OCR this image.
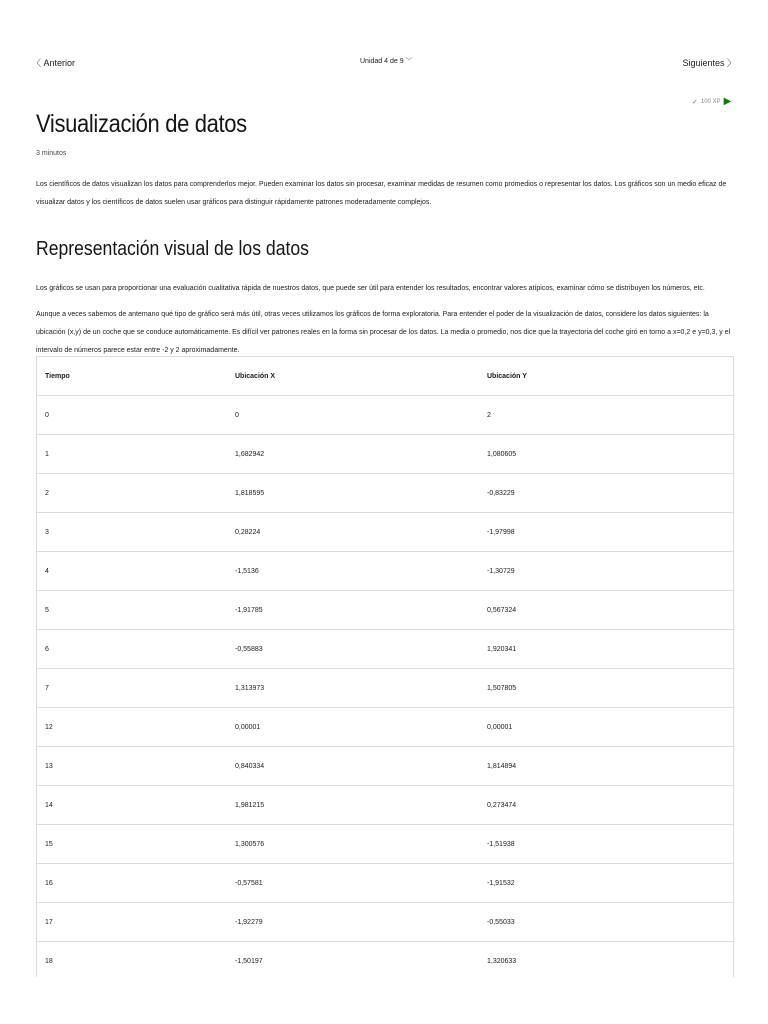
〈 Anterior	Unidad 4 de 9 ﹀	Siguientes 〉
✓ 100 XP ▶
Visualización de datos
3 minutos

Los científicos de datos visualizan los datos para comprenderlos mejor. Pueden examinar los datos sin procesar, examinar medidas de resumen como promedios o representar los datos. Los gráficos son un medio eficaz de visualizar datos y los científicos de datos suelen usar gráficos para distinguir rápidamente patrones moderadamente complejos.

Representación visual de los datos

Los gráficos se usan para proporcionar una evaluación cualitativa rápida de nuestros datos, que puede ser útil para entender los resultados, encontrar valores atípicos, examinar cómo se distribuyen los números, etc.

Aunque a veces sabemos de antemano qué tipo de gráfico será más útil, otras veces utilizamos los gráficos de forma exploratoria. Para entender el poder de la visualización de datos, considere los datos siguientes: la ubicación (x,y) de un coche que se conduce automáticamente. Es difícil ver patrones reales en la forma sin procesar de los datos. La media o promedio, nos dice que la trayectoria del coche giró en torno a x=0,2 e y=0,3, y el intervalo de números parece estar entre -2 y 2 aproximadamente.

Tiempo	Ubicación X	Ubicación Y
0	0	2
1	1,682942	1,080605
2	1,818595	-0,83229
3	0,28224	-1,97998
4	-1,5136	-1,30729
5	-1,91785	0,567324
6	-0,55883	1,920341
7	1,313973	1,507805
12	0,00001	0,00001
13	0,840334	1,814894
14	1,981215	0,273474
15	1,300576	-1,51938
16	-0,57581	-1,91532
17	-1,92279	-0,55033
18	-1,50197	1,320633
